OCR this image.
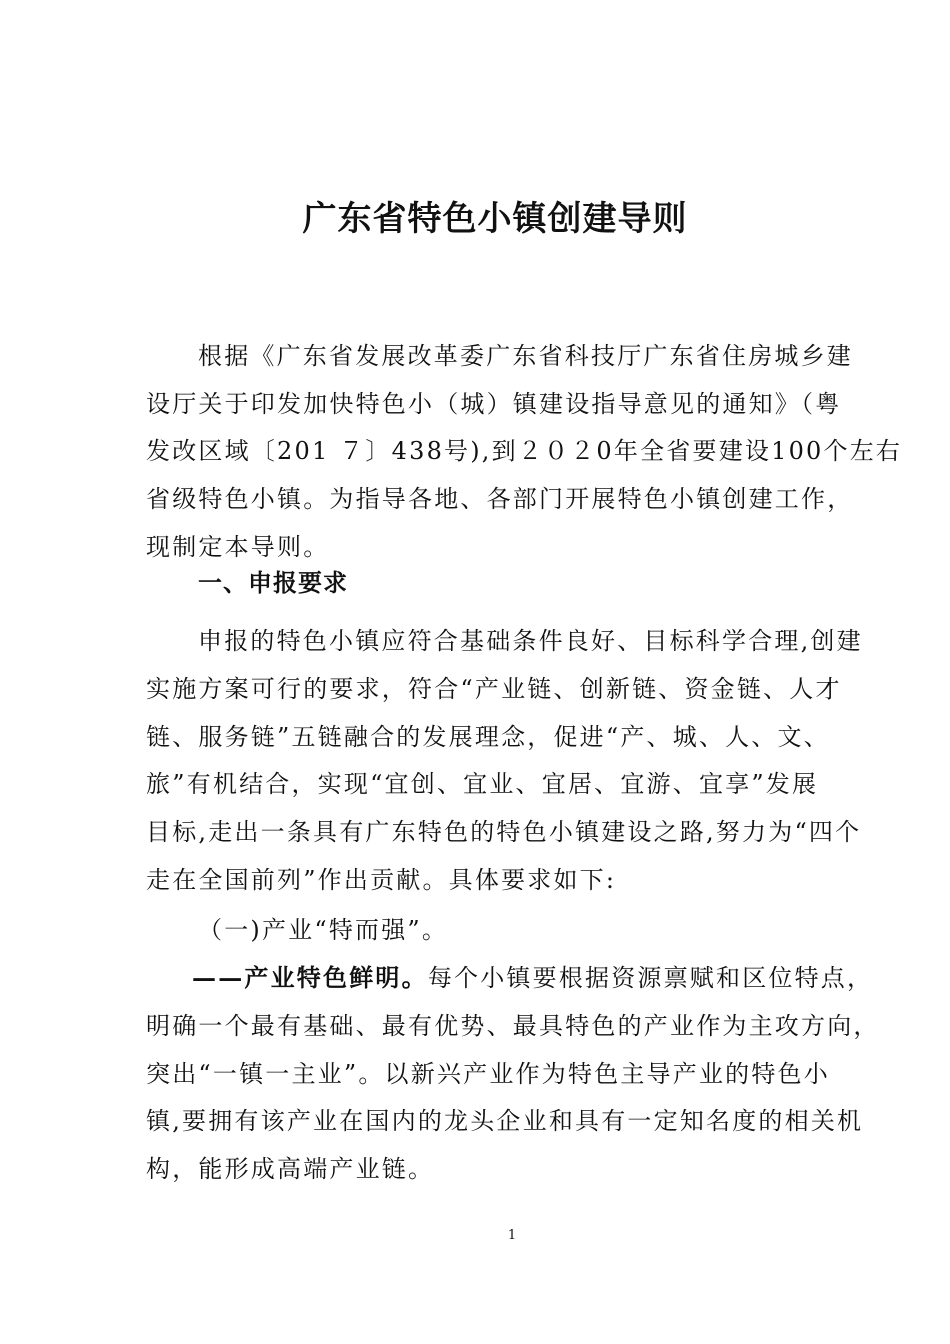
广东省特色小镇创建导则
根据《广东省发展改革委广东省科技厅广东省住房城乡建
设厅关于印发加快特色小（城）镇建设指导意见的通知》（粤
发改区域〔201 ７〕438号),到２０２0年全省要建设100个左右
省级特色小镇。为指导各地、各部门开展特色小镇创建工作，
现制定本导则。
一、申报要求
申报的特色小镇应符合基础条件良好、目标科学合理,创建
实施方案可行的要求，符合“产业链、创新链、资金链、人才
链、服务链”五链融合的发展理念，促进“产、城、人、文、
旅”有机结合，实现“宜创、宜业、宜居、宜游、宜享”发展
目标,走出一条具有广东特色的特色小镇建设之路,努力为“四个
走在全国前列”作出贡献。具体要求如下:
（一)产业“特而强”。
——产业特色鲜明。每个小镇要根据资源禀赋和区位特点，
明确一个最有基础、最有优势、最具特色的产业作为主攻方向，
突出“一镇一主业”。以新兴产业作为特色主导产业的特色小
镇,要拥有该产业在国内的龙头企业和具有一定知名度的相关机
构，能形成高端产业链。
1
